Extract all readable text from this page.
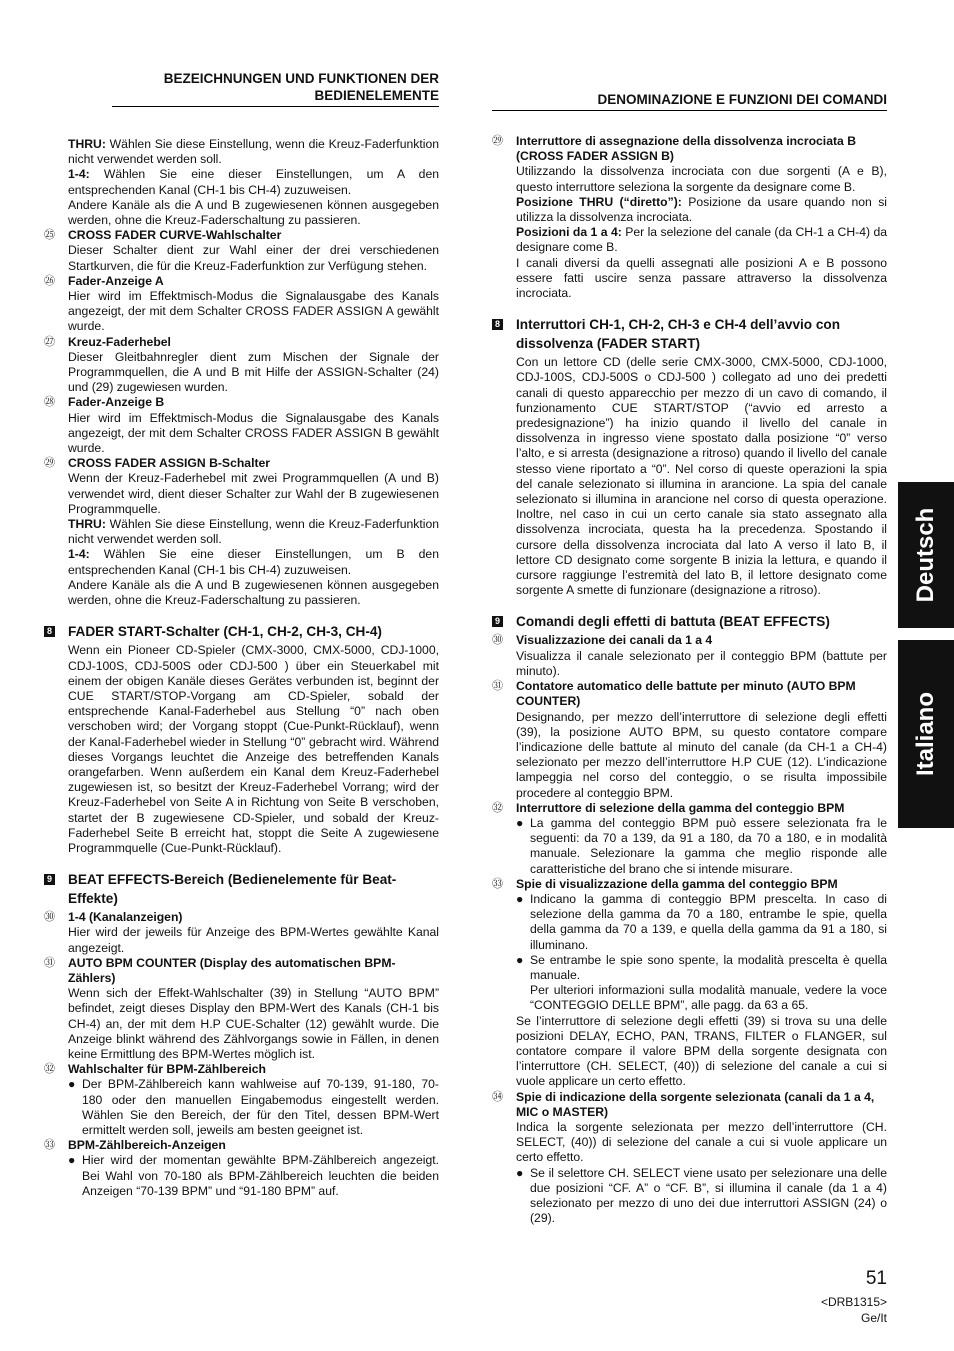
BEZEICHNUNGEN UND FUNKTIONEN DER BEDIENELEMENTE

THRU: Wählen Sie diese Einstellung, wenn die Kreuz-Faderfunktion nicht verwendet werden soll.

1-4: Wählen Sie eine dieser Einstellungen, um A den entsprechenden Kanal (CH-1 bis CH-4) zuzuweisen.

Andere Kanäle als die A und B zugewiesenen können ausgegeben werden, ohne die Kreuz-Faderschaltung zu passieren.

㉕ CROSS FADER CURVE-Wahlschalter
Dieser Schalter dient zur Wahl einer der drei verschiedenen Startkurven, die für die Kreuz-Faderfunktion zur Verfügung stehen.
㉖ Fader-Anzeige A
Hier wird im Effektmisch-Modus die Signalausgabe des Kanals angezeigt, der mit dem Schalter CROSS FADER ASSIGN A gewählt wurde.
㉗ Kreuz-Faderhebel
Dieser Gleitbahnregler dient zum Mischen der Signale der Programmquellen, die A und B mit Hilfe der ASSIGN-Schalter (24) und (29) zugewiesen wurden.
㉘ Fader-Anzeige B
Hier wird im Effektmisch-Modus die Signalausgabe des Kanals angezeigt, der mit dem Schalter CROSS FADER ASSIGN B gewählt wurde.
㉙ CROSS FADER ASSIGN B-Schalter
Wenn der Kreuz-Faderhebel mit zwei Programmquellen (A und B) verwendet wird, dient dieser Schalter zur Wahl der B zugewiesenen Programmquelle.

THRU: Wählen Sie diese Einstellung, wenn die Kreuz-Faderfunktion nicht verwendet werden soll.

1-4: Wählen Sie eine dieser Einstellungen, um B den entsprechenden Kanal (CH-1 bis CH-4) zuzuweisen.

Andere Kanäle als die A und B zugewiesenen können ausgegeben werden, ohne die Kreuz-Faderschaltung zu passieren.

8 FADER START-Schalter (CH-1, CH-2, CH-3, CH-4)

Wenn ein Pioneer CD-Spieler (CMX-3000, CMX-5000, CDJ-1000, CDJ-100S, CDJ-500S oder CDJ-500 ) über ein Steuerkabel mit einem der obigen Kanäle dieses Gerätes verbunden ist, beginnt der CUE START/STOP-Vorgang am CD-Spieler, sobald der entsprechende Kanal-Faderhebel aus Stellung “0” nach oben verschoben wird; der Vorgang stoppt (Cue-Punkt-Rücklauf), wenn der Kanal-Faderhebel wieder in Stellung “0” gebracht wird. Während dieses Vorgangs leuchtet die Anzeige des betreffenden Kanals orangefarben. Wenn außerdem ein Kanal dem Kreuz-Faderhebel zugewiesen ist, so besitzt der Kreuz-Faderhebel Vorrang; wird der Kreuz-Faderhebel von Seite A in Richtung von Seite B verschoben, startet der B zugewiesene CD-Spieler, und sobald der Kreuz-Faderhebel Seite B erreicht hat, stoppt die Seite A zugewiesene Programmquelle (Cue-Punkt-Rücklauf).

9 BEAT EFFECTS-Bereich (Bedienelemente für Beat-Effekte)
㉚ 1-4 (Kanalanzeigen)
Hier wird der jeweils für Anzeige des BPM-Wertes gewählte Kanal angezeigt.
㉛ AUTO BPM COUNTER (Display des automatischen BPM-Zählers)
Wenn sich der Effekt-Wahlschalter (39) in Stellung “AUTO BPM” befindet, zeigt dieses Display den BPM-Wert des Kanals (CH-1 bis CH-4) an, der mit dem H.P CUE-Schalter (12) gewählt wurde. Die Anzeige blinkt während des Zählvorgangs sowie in Fällen, in denen keine Ermittlung des BPM-Wertes möglich ist.
㉜ Wahlschalter für BPM-Zählbereich
● Der BPM-Zählbereich kann wahlweise auf 70-139, 91-180, 70-180 oder den manuellen Eingabemodus eingestellt werden. Wählen Sie den Bereich, der für den Titel, dessen BPM-Wert ermittelt werden soll, jeweils am besten geeignet ist.
㉝ BPM-Zählbereich-Anzeigen
● Hier wird der momentan gewählte BPM-Zählbereich angezeigt. Bei Wahl von 70-180 als BPM-Zählbereich leuchten die beiden Anzeigen “70-139 BPM” und “91-180 BPM” auf.
DENOMINAZIONE E FUNZIONI DEI COMANDI
㉙ Interruttore di assegnazione della dissolvenza incrociata B (CROSS FADER ASSIGN B)
Utilizzando la dissolvenza incrociata con due sorgenti (A e B), questo interruttore seleziona la sorgente da designare come B.

Posizione THRU (“diretto”): Posizione da usare quando non si utilizza la dissolvenza incrociata.

Posizioni da 1 a 4: Per la selezione del canale (da CH-1 a CH-4) da designare come B.

I canali diversi da quelli assegnati alle posizioni A e B possono essere fatti uscire senza passare attraverso la dissolvenza incrociata.

8 Interruttori CH-1, CH-2, CH-3 e CH-4 dell’avvio con dissolvenza (FADER START)

Con un lettore CD (delle serie CMX-3000, CMX-5000, CDJ-1000, CDJ-100S, CDJ-500S o CDJ-500 ) collegato ad uno dei predetti canali di questo apparecchio per mezzo di un cavo di comando, il funzionamento CUE START/STOP (“avvio ed arresto a predesignazione”) ha inizio quando il livello del canale in dissolvenza in ingresso viene spostato dalla posizione “0” verso l’alto, e si arresta (designazione a ritroso) quando il livello del canale stesso viene riportato a “0”. Nel corso di queste operazioni la spia del canale selezionato si illumina in arancione. La spia del canale selezionato si illumina in arancione nel corso di questa operazione. Inoltre, nel caso in cui un certo canale sia stato assegnato alla dissolvenza incrociata, questa ha la precedenza. Spostando il cursore della dissolvenza incrociata dal lato A verso il lato B, il lettore CD designato come sorgente B inizia la lettura, e quando il cursore raggiunge l’estremità del lato B, il lettore designato come sorgente A smette di funzionare (designazione a ritroso).

9 Comandi degli effetti di battuta (BEAT EFFECTS)
㉚ Visualizzazione dei canali da 1 a 4
Visualizza il canale selezionato per il conteggio BPM (battute per minuto).
㉛ Contatore automatico delle battute per minuto (AUTO BPM COUNTER)
Designando, per mezzo dell’interruttore di selezione degli effetti (39), la posizione AUTO BPM, su questo contatore compare l’indicazione delle battute al minuto del canale (da CH-1 a CH-4) selezionato per mezzo dell’interruttore H.P CUE (12). L’indicazione lampeggia nel corso del conteggio, o se risulta impossibile procedere al conteggio BPM.
㉜ Interruttore di selezione della gamma del conteggio BPM
● La gamma del conteggio BPM può essere selezionata fra le seguenti: da 70 a 139, da 91 a 180, da 70 a 180, e in modalità manuale. Selezionare la gamma che meglio risponde alle caratteristiche del brano che si intende misurare.
㉝ Spie di visualizzazione della gamma del conteggio BPM
● Indicano la gamma di conteggio BPM prescelta. In caso di selezione della gamma da 70 a 180, entrambe le spie, quella della gamma da 70 a 139, e quella della gamma da 91 a 180, si illuminano.
● Se entrambe le spie sono spente, la modalità prescelta è quella manuale.
Per ulteriori informazioni sulla modalità manuale, vedere la voce “CONTEGGIO DELLE BPM”, alle pagg. da 63 a 65.

Se l’interruttore di selezione degli effetti (39) si trova su una delle posizioni DELAY, ECHO, PAN, TRANS, FILTER o FLANGER, sul contatore compare il valore BPM della sorgente designata con l’interruttore (CH. SELECT, (40)) di selezione del canale a cui si vuole applicare un certo effetto.

㉞ Spie di indicazione della sorgente selezionata (canali da 1 a 4, MIC o MASTER)
Indica la sorgente selezionata per mezzo dell’interruttore (CH. SELECT, (40)) di selezione del canale a cui si vuole applicare un certo effetto.
● Se il selettore CH. SELECT viene usato per selezionare una delle due posizioni “CF. A” o “CF. B”, si illumina il canale (da 1 a 4) selezionato per mezzo di uno dei due interruttori ASSIGN (24) o (29).
Deutsch
Italiano
51
<DRB1315>
Ge/It
